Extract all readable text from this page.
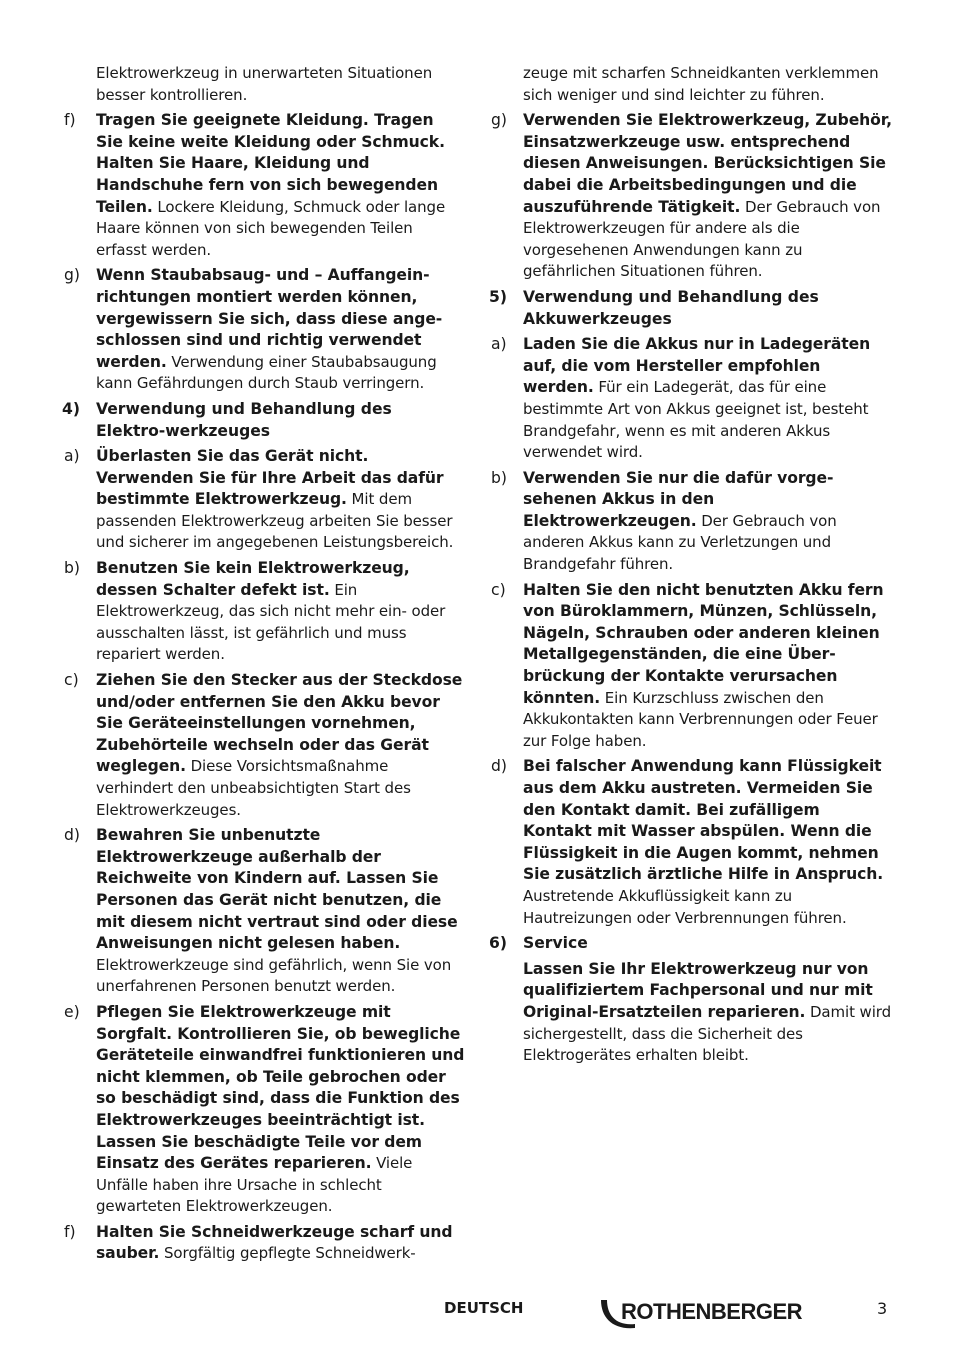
Elektrowerkzeug in unerwarteten Situationen besser kontrollieren.
f) Tragen Sie geeignete Kleidung. Tragen Sie keine weite Kleidung oder Schmuck. Halten Sie Haare, Kleidung und Handschuhe fern von sich bewegenden Teilen. Lockere Kleidung, Schmuck oder lange Haare können von sich bewegenden Teilen erfasst werden.
g) Wenn Staubabsaug- und – Auffangein-richtungen montiert werden können, vergewissern Sie sich, dass diese ange-schlossen sind und richtig verwendet werden. Verwendung einer Staubabsaugung kann Gefährdungen durch Staub verringern.
4) Verwendung und Behandlung des Elektro-werkzeuges
a) Überlasten Sie das Gerät nicht. Verwenden Sie für Ihre Arbeit das dafür bestimmte Elektrowerkzeug. Mit dem passenden Elektrowerkzeug arbeiten Sie besser und sicherer im angegebenen Leistungsbereich.
b) Benutzen Sie kein Elektrowerkzeug, dessen Schalter defekt ist. Ein Elektrowerkzeug, das sich nicht mehr ein- oder ausschalten lässt, ist gefährlich und muss repariert werden.
c) Ziehen Sie den Stecker aus der Steckdose und/oder entfernen Sie den Akku bevor Sie Geräteeinstellungen vornehmen, Zubehörteile wechseln oder das Gerät weglegen. Diese Vorsichtsmaßnahme verhindert den unbeabsichtigten Start des Elektrowerkzeuges.
d) Bewahren Sie unbenutzte Elektrowerkzeuge außerhalb der Reichweite von Kindern auf. Lassen Sie Personen das Gerät nicht benutzen, die mit diesem nicht vertraut sind oder diese Anweisungen nicht gelesen haben. Elektrowerkzeuge sind gefährlich, wenn Sie von unerfahrenen Personen benutzt werden.
e) Pflegen Sie Elektrowerkzeuge mit Sorgfalt. Kontrollieren Sie, ob bewegliche Geräteteile einwandfrei funktionieren und nicht klemmen, ob Teile gebrochen oder so beschädigt sind, dass die Funktion des Elektrowerkzeuges beeinträchtigt ist. Lassen Sie beschädigte Teile vor dem Einsatz des Gerätes reparieren. Viele Unfälle haben ihre Ursache in schlecht gewarteten Elektrowerkzeugen.
f) Halten Sie Schneidwerkzeuge scharf und sauber. Sorgfältig gepflegte Schneidwerk-
zeuge mit scharfen Schneidkanten verklemmen sich weniger und sind leichter zu führen.
g) Verwenden Sie Elektrowerkzeug, Zubehör, Einsatzwerkzeuge usw. entsprechend diesen Anweisungen. Berücksichtigen Sie dabei die Arbeitsbedingungen und die auszuführende Tätigkeit. Der Gebrauch von Elektrowerkzeugen für andere als die vorgesehenen Anwendungen kann zu gefährlichen Situationen führen.
5) Verwendung und Behandlung des Akkuwerkzeuges
a) Laden Sie die Akkus nur in Ladegeräten auf, die vom Hersteller empfohlen werden. Für ein Ladegerät, das für eine bestimmte Art von Akkus geeignet ist, besteht Brandgefahr, wenn es mit anderen Akkus verwendet wird.
b) Verwenden Sie nur die dafür vorge-sehenen Akkus in den Elektrowerkzeugen. Der Gebrauch von anderen Akkus kann zu Verletzungen und Brandgefahr führen.
c) Halten Sie den nicht benutzten Akku fern von Büroklammern, Münzen, Schlüsseln, Nägeln, Schrauben oder anderen kleinen Metallgegenständen, die eine Über-brückung der Kontakte verursachen könnten. Ein Kurzschluss zwischen den Akkukontakten kann Verbrennungen oder Feuer zur Folge haben.
d) Bei falscher Anwendung kann Flüssigkeit aus dem Akku austreten. Vermeiden Sie den Kontakt damit. Bei zufälligem Kontakt mit Wasser abspülen. Wenn die Flüssigkeit in die Augen kommt, nehmen Sie zusätzlich ärztliche Hilfe in Anspruch. Austretende Akkuflüssigkeit kann zu Hautreizungen oder Verbrennungen führen.
6) Service
Lassen Sie Ihr Elektrowerkzeug nur von qualifiziertem Fachpersonal und nur mit Original-Ersatzteilen reparieren. Damit wird sichergestellt, dass die Sicherheit des Elektrogerätes erhalten bleibt.
DEUTSCH	ROTHENBERGER	3
